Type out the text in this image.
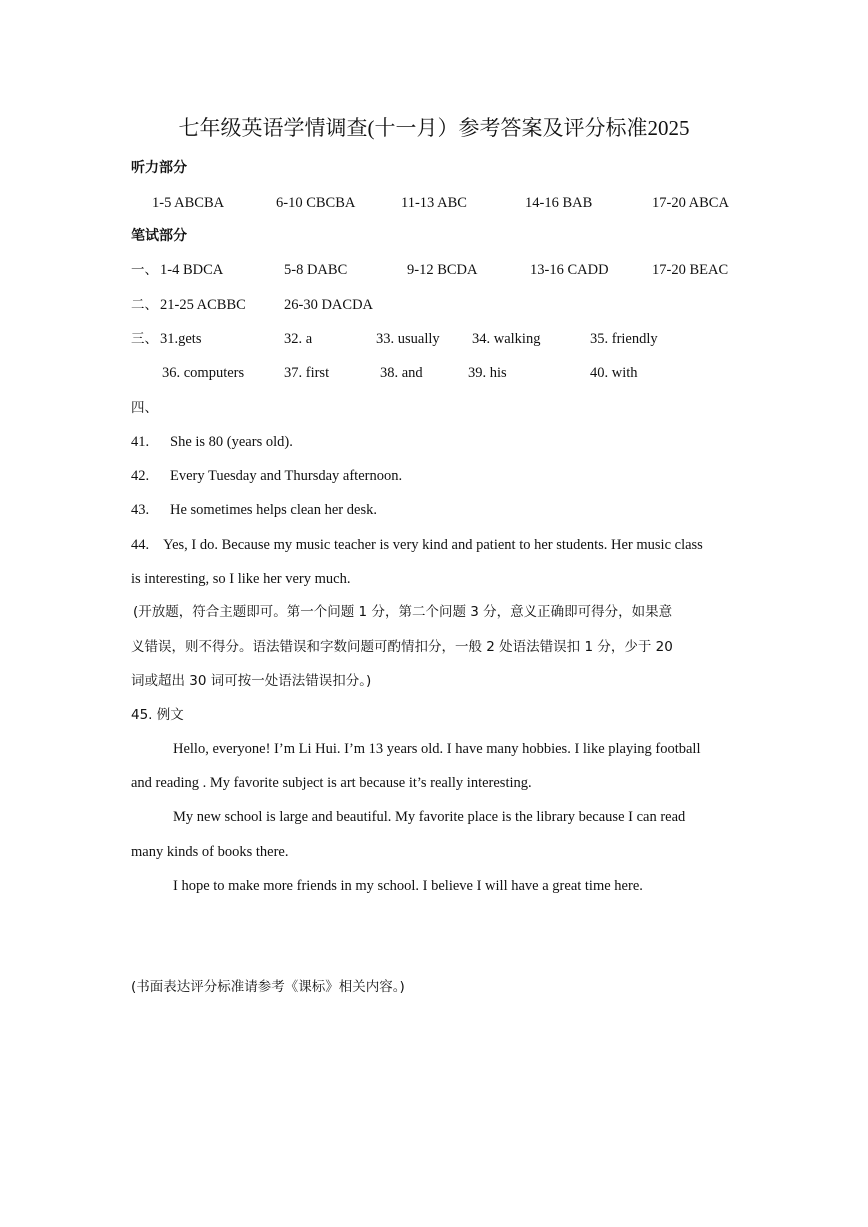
七年级英语学情调查(十一月）参考答案及评分标准2025
听力部分
1-5 ABCBA	6-10 CBCBA	11-13 ABC	14-16 BAB	17-20 ABCA
笔试部分
一、 1-4 BDCA	5-8 DABC	9-12 BCDA	13-16 CADD	17-20 BEAC
二、 21-25 ACBBC	26-30 DACDA
三、 31.gets	32. a	33. usually 34. walking	35. friendly
36. computers	37. first	38. and	39. his	40. with
四、
41. She is 80 (years old).
42. Every Tuesday and Thursday afternoon.
43. He sometimes helps clean her desk.
44.    Yes, I do. Because my music teacher is very kind and patient to her students. Her music class
is interesting, so I like her very much.
(开放题，符合主题即可。第一个问题 1 分，第二个问题 3 分，意义正确即可得分，如果意
义错误，则不得分。语法错误和字数问题可酌情扣分，一般 2 处语法错误扣 1 分，少于 20
词或超出 30 词可按一处语法错误扣分。)
45. 例文
Hello, everyone! I’m Li Hui. I’m 13 years old. I have many hobbies. I like playing football
and reading . My favorite subject is art because it’s really interesting.
My new school is large and beautiful. My favorite place is the library because I can read
many kinds of books there.
I hope to make more friends in my school. I believe I will have a great time here.
(书面表达评分标准请参考《课标》相关内容。)
